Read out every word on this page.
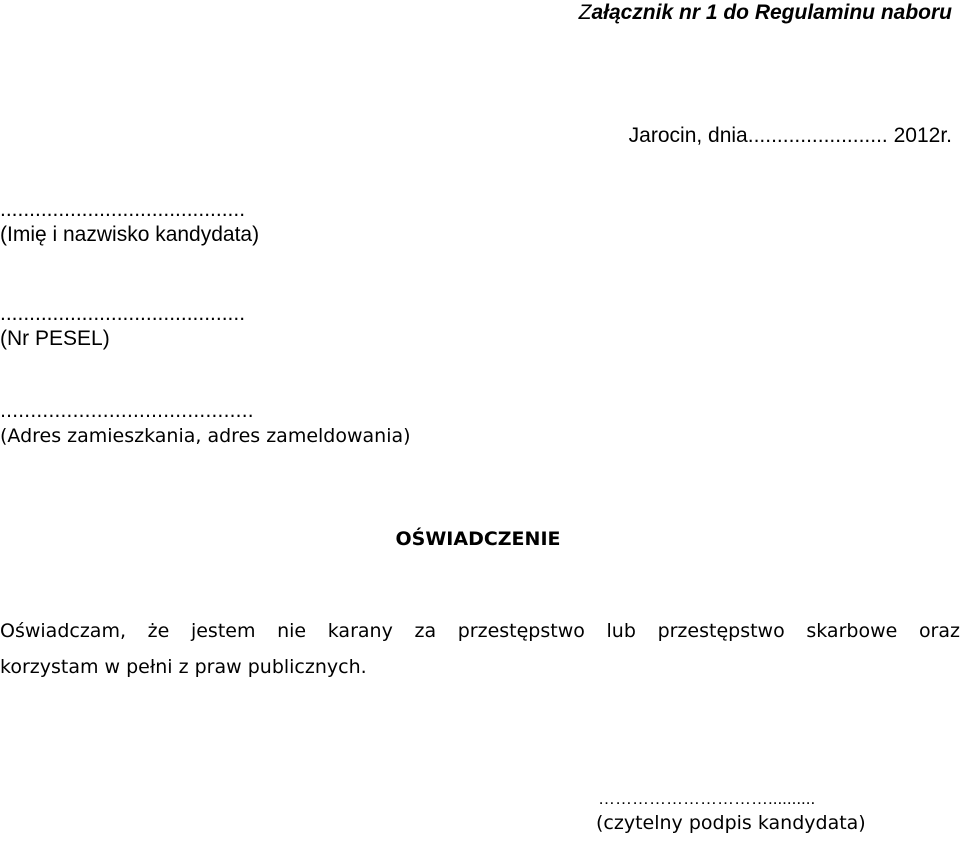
Załącznik nr 1 do Regulaminu naboru
Jarocin, dnia........................ 2012r.
..........................................
(Imię i nazwisko kandydata)
..........................................
(Nr PESEL)
..........................................
(Adres zamieszkania, adres zameldowania)
OŚWIADCZENIE
Oświadczam, że jestem nie karany za przestępstwo lub przestępstwo skarbowe oraz
korzystam w pełni z praw publicznych.
…………………………..........
(czytelny podpis kandydata)
